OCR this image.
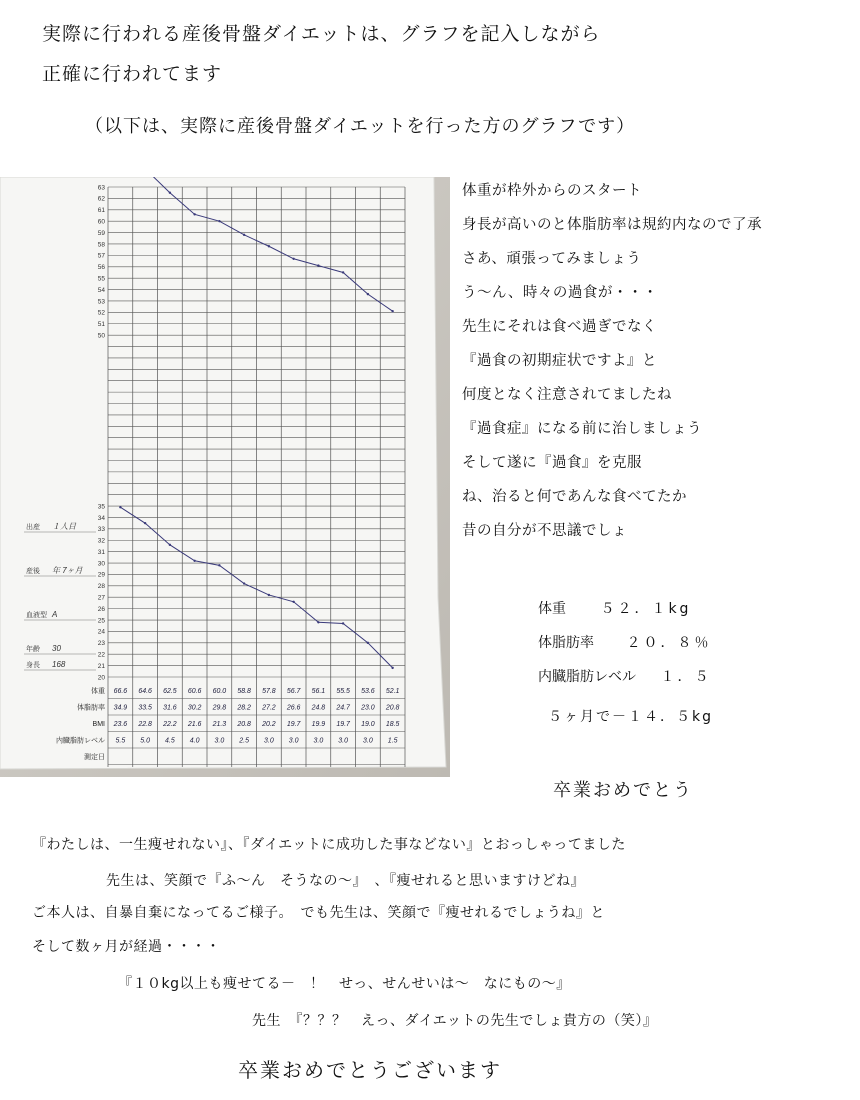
実際に行われる産後骨盤ダイエットは、グラフを記入しながら
正確に行われてます
（以下は、実際に産後骨盤ダイエットを行った方のグラフです）
63
62
61
60
59
58
57
56
55
54
53
52
51
50
35
34
33
32
31
30
29
28
27
26
25
24
23
22
21
20
体重
体脂肪率
BMI
内臓脂肪レベル
測定日
66.6 64.6 62.5 60.6 60.0 58.8 57.8 56.7 56.1 55.5 53.6 52.1
34.9 33.5 31.6 30.2 29.8 28.2 27.2 26.6 24.8 24.7 23.0 20.8
23.6 22.8 22.2 21.6 21.3 20.8 20.2 19.7 19.9 19.7 19.0 18.5
5.5 5.0 4.5 4.0 3.0 2.5 3.0 3.0 3.0 3.0 3.0 1.5
出産 １人目
産後 年 7ヶ月
血液型 A
年齢 30
身長 168
体重が枠外からのスタート
身長が高いのと体脂肪率は規約内なので了承
さあ、頑張ってみましょう
う～ん、時々の過食が・・・
先生にそれは食べ過ぎでなく
『過食の初期症状ですよ』と
何度となく注意されてましたね
『過食症』になる前に治しましょう
そして遂に『過食』を克服
ね、治ると何であんな食べてたか
昔の自分が不思議でしょ
体重 ５２．１kg
体脂肪率 ２０．８％
内臓脂肪レベル １．５
５ヶ月で－１４．５kg
卒業おめでとう
『わたしは、一生痩せれない』、『ダイエットに成功した事などない』とおっしゃってました
先生は、笑顔で『ふ～ん　そうなの～』　、『痩せれると思いますけどね』
ご本人は、自暴自棄になってるご様子。　でも先生は、笑顔で『痩せれるでしょうね』と
そして数ヶ月が経過・・・・
『１０kg以上も痩せてる－　！　せっ、せんせいは～　なにもの～』
先生　『？？？　えっ、ダイエットの先生でしょ貴方の（笑）』
卒業おめでとうございます
